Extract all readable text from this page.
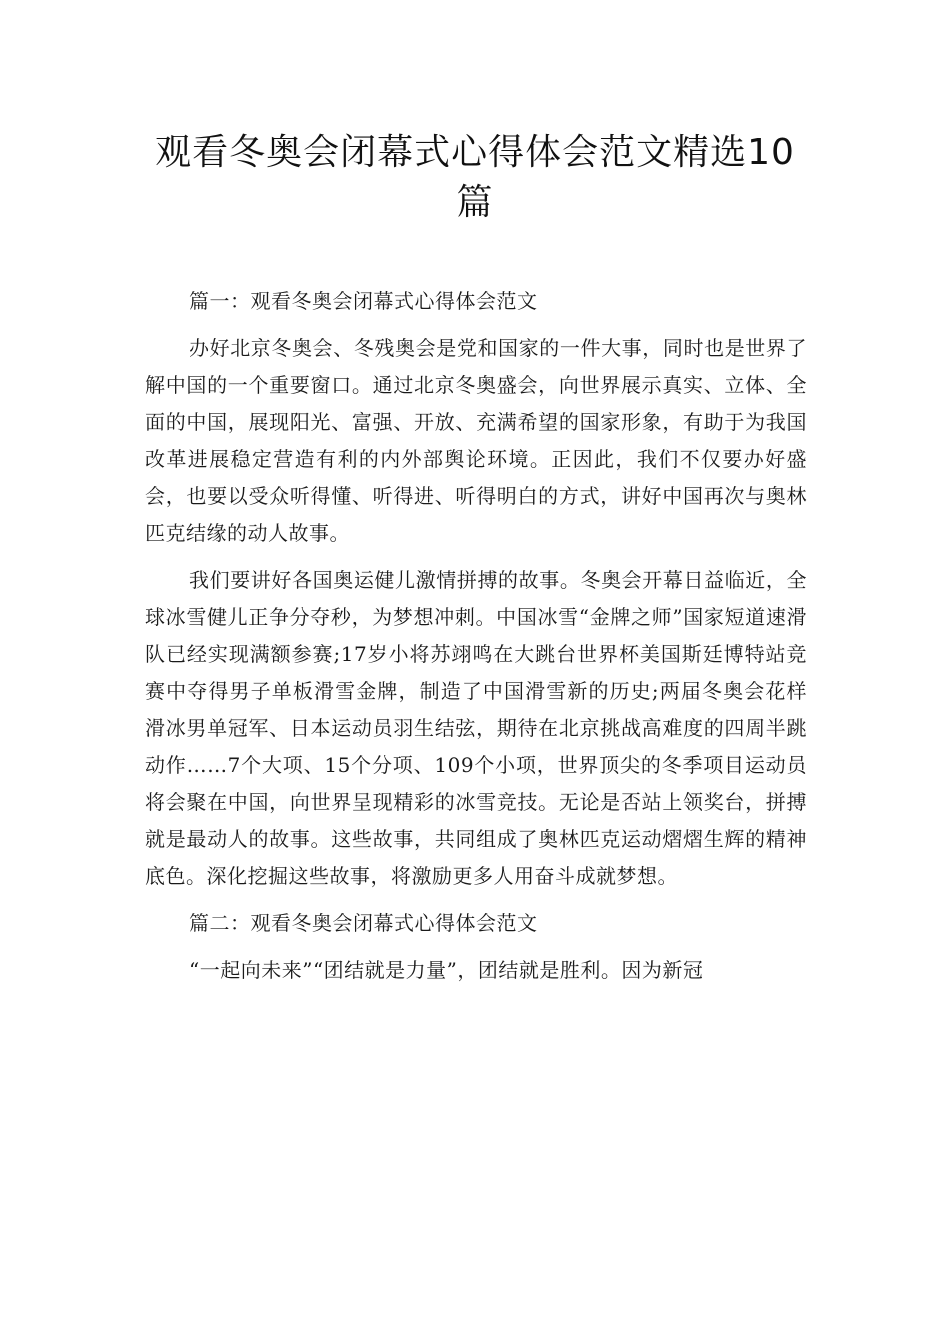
观看冬奥会闭幕式心得体会范文精选10篇

篇一：观看冬奥会闭幕式心得体会范文

办好北京冬奥会、冬残奥会是党和国家的一件大事，同时也是世界了解中国的一个重要窗口。通过北京冬奥盛会，向世界展示真实、立体、全面的中国，展现阳光、富强、开放、充满希望的国家形象，有助于为我国改革进展稳定营造有利的内外部舆论环境。正因此，我们不仅要办好盛会，也要以受众听得懂、听得进、听得明白的方式，讲好中国再次与奥林匹克结缘的动人故事。

我们要讲好各国奥运健儿激情拼搏的故事。冬奥会开幕日益临近，全球冰雪健儿正争分夺秒，为梦想冲刺。中国冰雪“金牌之师”国家短道速滑队已经实现满额参赛;17岁小将苏翊鸣在大跳台世界杯美国斯廷博特站竞赛中夺得男子单板滑雪金牌，制造了中国滑雪新的历史;两届冬奥会花样滑冰男单冠军、日本运动员羽生结弦，期待在北京挑战高难度的四周半跳动作……7个大项、15个分项、109个小项，世界顶尖的冬季项目运动员将会聚在中国，向世界呈现精彩的冰雪竞技。无论是否站上领奖台，拼搏就是最动人的故事。这些故事，共同组成了奥林匹克运动熠熠生辉的精神底色。深化挖掘这些故事，将激励更多人用奋斗成就梦想。

篇二：观看冬奥会闭幕式心得体会范文

“一起向未来”“团结就是力量”，团结就是胜利。因为新冠
